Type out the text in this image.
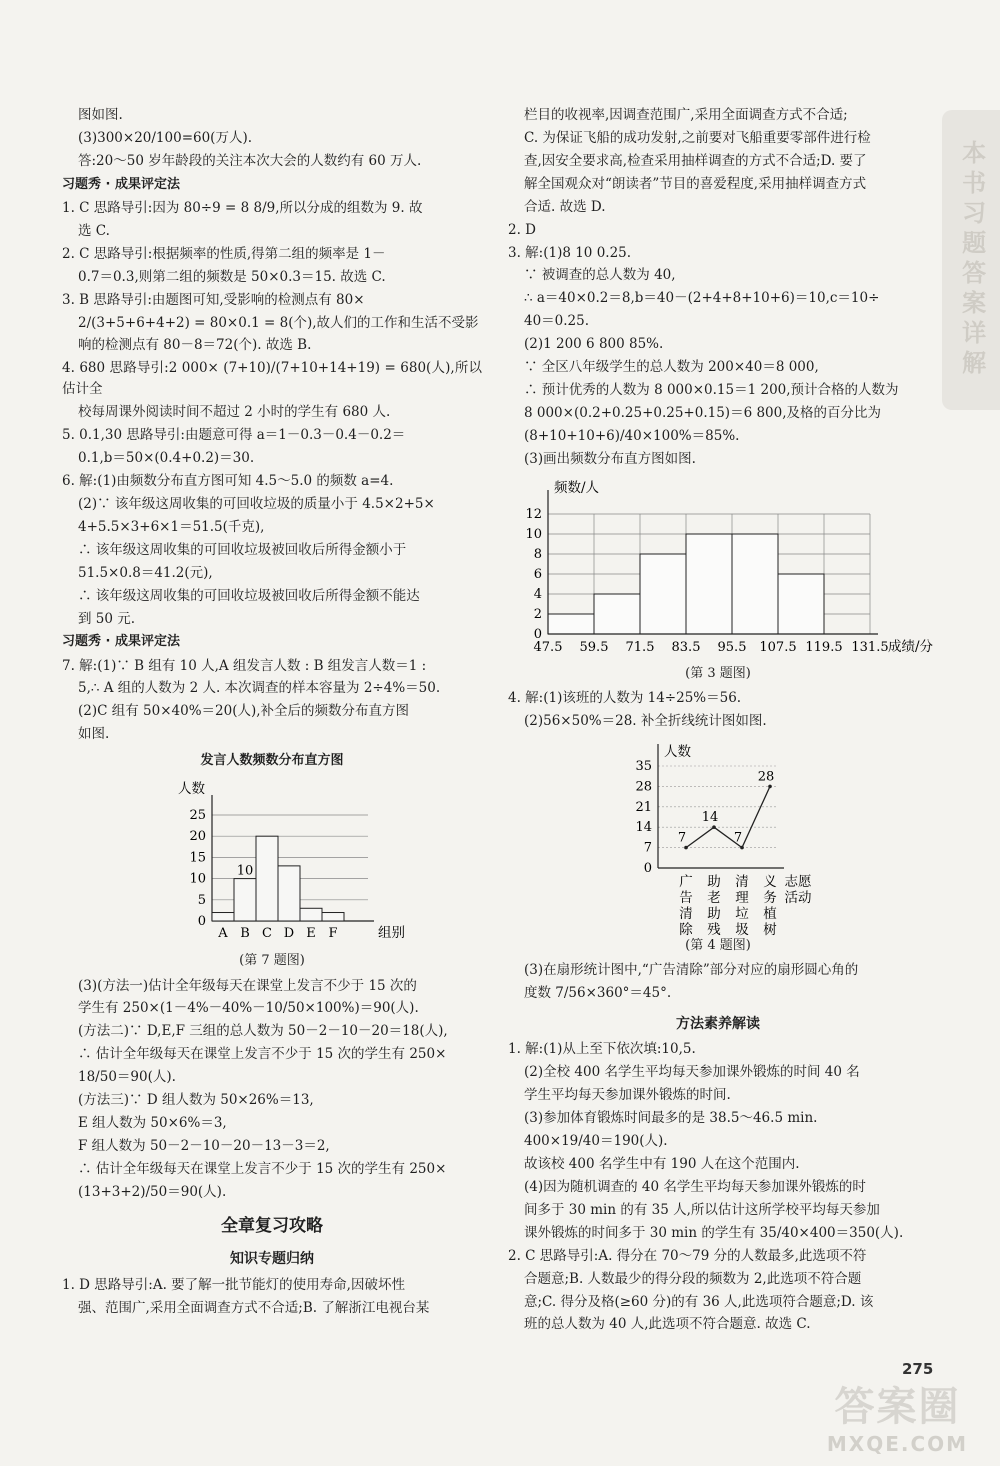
图如图.

(3)300×20/100=60(万人).

答:20～50 岁年龄段的关注本次大会的人数约有 60 万人.

习题秀 · 成果评定法

1. C 思路导引:因为 80÷9 = 8 8/9,所以分成的组数为 9. 故

选 C.

2. C 思路导引:根据频率的性质,得第二组的频率是 1－

0.7＝0.3,则第二组的频数是 50×0.3＝15. 故选 C.

3. B 思路导引:由题图可知,受影响的检测点有 80×

2/(3+5+6+4+2) = 80×0.1 = 8(个),故人们的工作和生活不受影

响的检测点有 80－8＝72(个). 故选 B.

4. 680 思路导引:2 000× (7+10)/(7+10+14+19) = 680(人),所以估计全

校每周课外阅读时间不超过 2 小时的学生有 680 人.

5. 0.1,30 思路导引:由题意可得 a＝1－0.3－0.4－0.2＝

0.1,b＝50×(0.4+0.2)＝30.

6. 解:(1)由频数分布直方图可知 4.5～5.0 的频数 a=4.

(2)∵ 该年级这周收集的可回收垃圾的质量小于 4.5×2+5×

4+5.5×3+6×1＝51.5(千克),

∴ 该年级这周收集的可回收垃圾被回收后所得金额小于

51.5×0.8＝41.2(元),

∴ 该年级这周收集的可回收垃圾被回收后所得金额不能达

到 50 元.

习题秀 · 成果评定法

7. 解:(1)∵ B 组有 10 人,A 组发言人数 : B 组发言人数＝1 :

5,∴ A 组的人数为 2 人. 本次调查的样本容量为 2÷4%＝50.

(2)C 组有 50×40%＝20(人),补全后的频数分布直方图

如图.

发言人数频数分布直方图

0
5
10
15
20
25
人数
A B
10
C D E F	组别
(第 7 题图)

(3)(方法一)估计全年级每天在课堂上发言不少于 15 次的

学生有 250×(1－4%－40%－10/50×100%)＝90(人).

(方法二)∵ D,E,F 三组的总人数为 50－2－10－20＝18(人),

∴ 估计全年级每天在课堂上发言不少于 15 次的学生有 250×

18/50＝90(人).

(方法三)∵ D 组人数为 50×26%＝13,

E 组人数为 50×6%＝3,

F 组人数为 50－2－10－20－13－3＝2,

∴ 估计全年级每天在课堂上发言不少于 15 次的学生有 250×

(13+3+2)/50＝90(人).

全章复习攻略

知识专题归纳

1. D 思路导引:A. 要了解一批节能灯的使用寿命,因破坏性

强、范围广,采用全面调查方式不合适;B. 了解浙江电视台某

栏目的收视率,因调查范围广,采用全面调查方式不合适;

C. 为保证飞船的成功发射,之前要对飞船重要零部件进行检

查,因安全要求高,检查采用抽样调查的方式不合适;D. 要了

解全国观众对“朗读者”节目的喜爱程度,采用抽样调查方式

合适. 故选 D.

2. D

3. 解:(1)8 10 0.25.

∵ 被调查的总人数为 40,

∴ a＝40×0.2＝8,b＝40－(2+4+8+10+6)＝10,c＝10÷

40＝0.25.

(2)1 200 6 800 85%.

∵ 全区八年级学生的总人数为 200×40＝8 000,

∴ 预计优秀的人数为 8 000×0.15＝1 200,预计合格的人数为

8 000×(0.2+0.25+0.25+0.15)＝6 800,及格的百分比为

(8+10+10+6)/40×100%＝85%.

(3)画出频数分布直方图如图.

0
2
4
6
8
10
12
频数/人
47.5 59.5 71.5 83.5 95.5 107.5 119.5 131.5 成绩/分
(第 3 题图)

4. 解:(1)该班的人数为 14÷25%＝56.

(2)56×50%＝28. 补全折线统计图如图.

0
7
14
21
28
35
人数
7
广
告
清
除
14
助
老
助
残
7
清
理
垃
圾
28
义
务
植
树
志愿
活动
(第 4 题图)

(3)在扇形统计图中,“广告清除”部分对应的扇形圆心角的

度数 7/56×360°＝45°.

方法素养解读

1. 解:(1)从上至下依次填:10,5.

(2)全校 400 名学生平均每天参加课外锻炼的时间 40 名

学生平均每天参加课外锻炼的时间.

(3)参加体育锻炼时间最多的是 38.5～46.5 min.

400×19/40＝190(人).

故该校 400 名学生中有 190 人在这个范围内.

(4)因为随机调查的 40 名学生平均每天参加课外锻炼的时

间多于 30 min 的有 35 人,所以估计这所学校平均每天参加

课外锻炼的时间多于 30 min 的学生有 35/40×400＝350(人).

2. C 思路导引:A. 得分在 70～79 分的人数最多,此选项不符

合题意;B. 人数最少的得分段的频数为 2,此选项不符合题

意;C. 得分及格(≥60 分)的有 36 人,此选项符合题意;D. 该

班的总人数为 40 人,此选项不符合题意. 故选 C.

本书习题答案详解
275
答案圈
MXQE.COM
